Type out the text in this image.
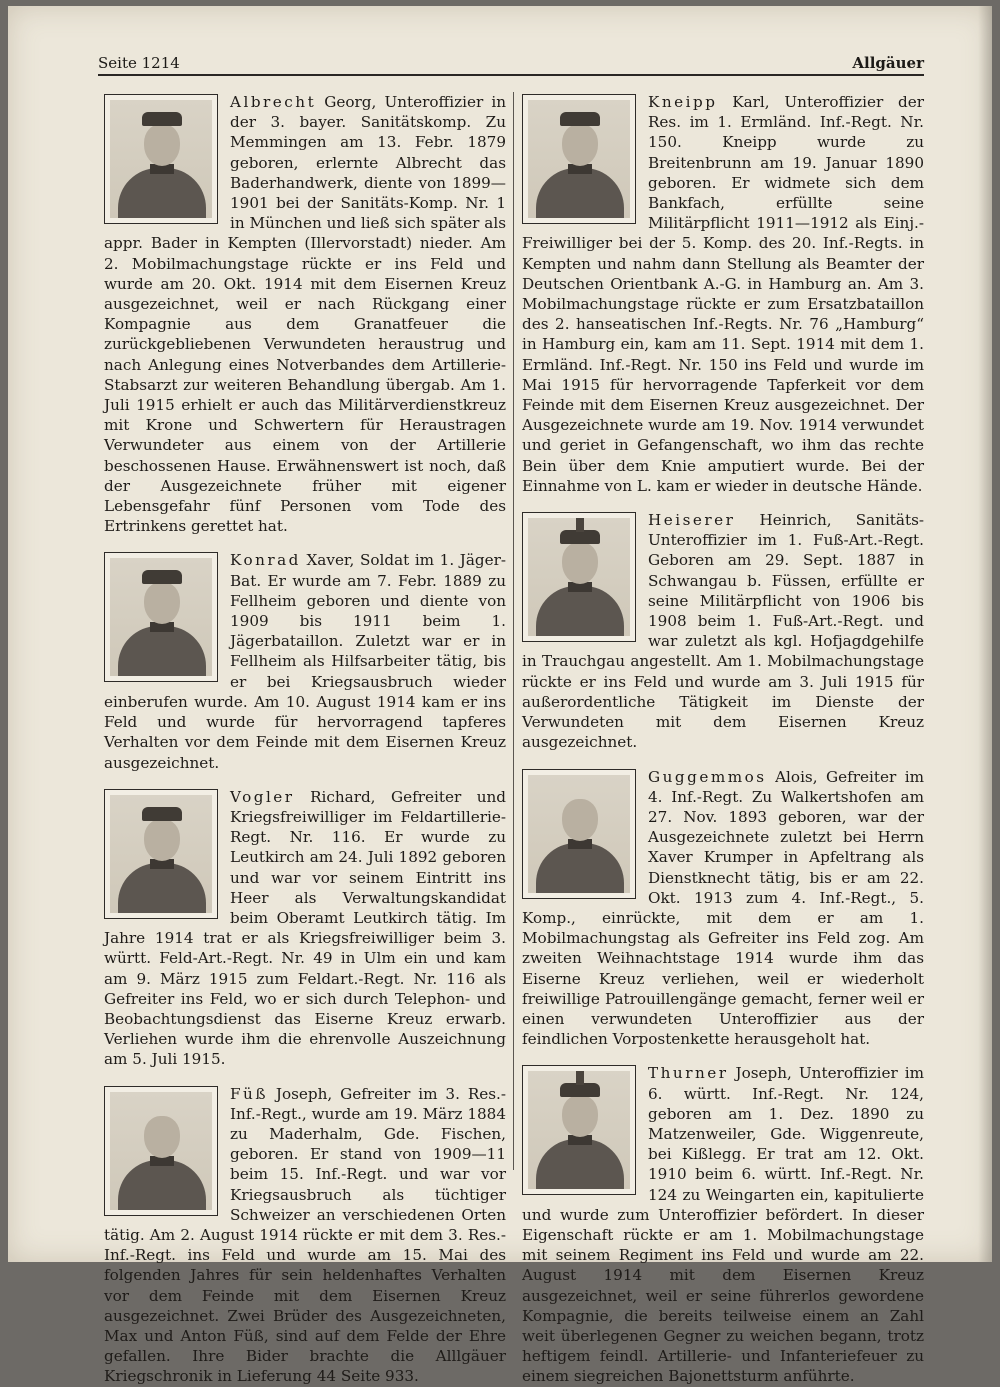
Seite 1214	Allgäuer

Albrecht Georg, Unteroffizier in der 3. bayer. Sanitätskomp. Zu Memmingen am 13. Febr. 1879 geboren, erlernte Albrecht das Baderhandwerk, diente von 1899—1901 bei der Sanitäts-Komp. Nr. 1 in München und ließ sich später als appr. Bader in Kempten (Illervorstadt) nieder. Am 2. Mobilmachungstage rückte er ins Feld und wurde am 20. Okt. 1914 mit dem Eisernen Kreuz ausgezeichnet, weil er nach Rückgang einer Kompagnie aus dem Granatfeuer die zurückgebliebenen Verwundeten heraustrug und nach Anlegung eines Notverbandes dem Artillerie-Stabsarzt zur weiteren Behandlung übergab. Am 1. Juli 1915 erhielt er auch das Militärverdienstkreuz mit Krone und Schwertern für Heraustragen Verwundeter aus einem von der Artillerie beschossenen Hause. Erwähnenswert ist noch, daß der Ausgezeichnete früher mit eigener Lebensgefahr fünf Personen vom Tode des Ertrinkens gerettet hat.

Konrad Xaver, Soldat im 1. Jäger-Bat. Er wurde am 7. Febr. 1889 zu Fellheim geboren und diente von 1909 bis 1911 beim 1. Jägerbataillon. Zuletzt war er in Fellheim als Hilfsarbeiter tätig, bis er bei Kriegsausbruch wieder einberufen wurde. Am 10. August 1914 kam er ins Feld und wurde für hervorragend tapferes Verhalten vor dem Feinde mit dem Eisernen Kreuz ausgezeichnet.

Vogler Richard, Gefreiter und Kriegsfreiwilliger im Feldartillerie-Regt. Nr. 116. Er wurde zu Leutkirch am 24. Juli 1892 geboren und war vor seinem Eintritt ins Heer als Verwaltungskandidat beim Oberamt Leutkirch tätig. Im Jahre 1914 trat er als Kriegsfreiwilliger beim 3. württ. Feld-Art.-Regt. Nr. 49 in Ulm ein und kam am 9. März 1915 zum Feldart.-Regt. Nr. 116 als Gefreiter ins Feld, wo er sich durch Telephon- und Beobachtungsdienst das Eiserne Kreuz erwarb. Verliehen wurde ihm die ehrenvolle Auszeichnung am 5. Juli 1915.

Füß Joseph, Gefreiter im 3. Res.-Inf.-Regt., wurde am 19. März 1884 zu Maderhalm, Gde. Fischen, geboren. Er stand von 1909—11 beim 15. Inf.-Regt. und war vor Kriegsausbruch als tüchtiger Schweizer an verschiedenen Orten tätig. Am 2. August 1914 rückte er mit dem 3. Res.-Inf.-Regt. ins Feld und wurde am 15. Mai des folgenden Jahres für sein heldenhaftes Verhalten vor dem Feinde mit dem Eisernen Kreuz ausgezeichnet. Zwei Brüder des Ausgezeichneten, Max und Anton Füß, sind auf dem Felde der Ehre gefallen. Ihre Bider brachte die Alllgäuer Kriegschronik in Lieferung 44 Seite 933.

Kneipp Karl, Unteroffizier der Res. im 1. Ermländ. Inf.-Regt. Nr. 150. Kneipp wurde zu Breitenbrunn am 19. Januar 1890 geboren. Er widmete sich dem Bankfach, erfüllte seine Militärpflicht 1911—1912 als Einj.-Freiwilliger bei der 5. Komp. des 20. Inf.-Regts. in Kempten und nahm dann Stellung als Beamter der Deutschen Orientbank A.-G. in Hamburg an. Am 3. Mobilmachungstage rückte er zum Ersatzbataillon des 2. hanseatischen Inf.-Regts. Nr. 76 „Hamburg“ in Hamburg ein, kam am 11. Sept. 1914 mit dem 1. Ermländ. Inf.-Regt. Nr. 150 ins Feld und wurde im Mai 1915 für hervorragende Tapferkeit vor dem Feinde mit dem Eisernen Kreuz ausgezeichnet. Der Ausgezeichnete wurde am 19. Nov. 1914 verwundet und geriet in Gefangenschaft, wo ihm das rechte Bein über dem Knie amputiert wurde. Bei der Einnahme von L. kam er wieder in deutsche Hände.

Heiserer Heinrich, Sanitäts-Unteroffizier im 1. Fuß-Art.-Regt. Geboren am 29. Sept. 1887 in Schwangau b. Füssen, erfüllte er seine Militärpflicht von 1906 bis 1908 beim 1. Fuß-Art.-Regt. und war zuletzt als kgl. Hofjagdgehilfe in Trauchgau angestellt. Am 1. Mobilmachungstage rückte er ins Feld und wurde am 3. Juli 1915 für außerordentliche Tätigkeit im Dienste der Verwundeten mit dem Eisernen Kreuz ausgezeichnet.

Guggemmos Alois, Gefreiter im 4. Inf.-Regt. Zu Walkertshofen am 27. Nov. 1893 geboren, war der Ausgezeichnete zuletzt bei Herrn Xaver Krumper in Apfeltrang als Dienstknecht tätig, bis er am 22. Okt. 1913 zum 4. Inf.-Regt., 5. Komp., einrückte, mit dem er am 1. Mobilmachungstag als Gefreiter ins Feld zog. Am zweiten Weihnachtstage 1914 wurde ihm das Eiserne Kreuz verliehen, weil er wiederholt freiwillige Patrouillengänge gemacht, ferner weil er einen verwundeten Unteroffizier aus der feindlichen Vorpostenkette herausgeholt hat.

Thurner Joseph, Unteroffizier im 6. württ. Inf.-Regt. Nr. 124, geboren am 1. Dez. 1890 zu Matzenweiler, Gde. Wiggenreute, bei Kißlegg. Er trat am 12. Okt. 1910 beim 6. württ. Inf.-Regt. Nr. 124 zu Weingarten ein, kapitulierte und wurde zum Unteroffizier befördert. In dieser Eigenschaft rückte er am 1. Mobilmachungstage mit seinem Regiment ins Feld und wurde am 22. August 1914 mit dem Eisernen Kreuz ausgezeichnet, weil er seine führerlos gewordene Kompagnie, die bereits teilweise einem an Zahl weit überlegenen Gegner zu weichen begann, trotz heftigem feindl. Artillerie- und Infanteriefeuer zu einem siegreichen Bajonettsturm anführte.
